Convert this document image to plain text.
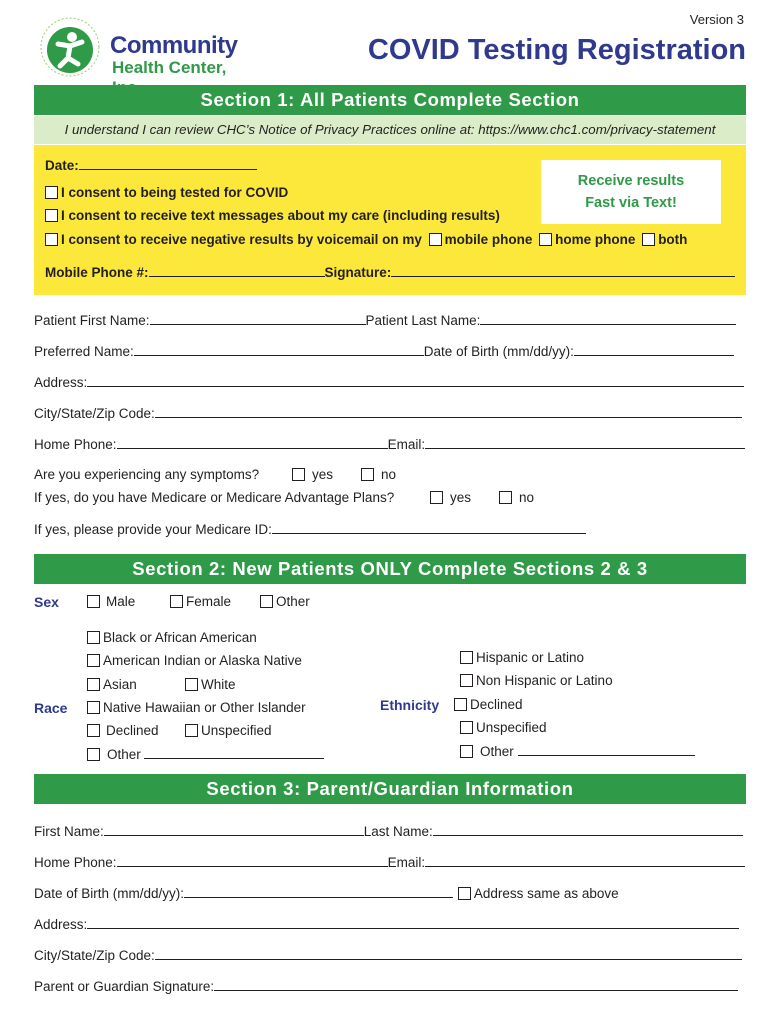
Community
Health Center,
Version 3
COVID Testing Registration
Section 1: All Patients Complete Section
I understand I can review CHC’s Notice of Privacy Practices online at: https://www.chc1.com/privacy-statement
Date:
Receive results
Fast via Text!
I consent to being tested for COVID
I consent to receive text messages about my care (including results)
I consent to receive negative results by voicemail on my mobile phone home phone both
Mobile Phone #:	Signature:
Patient First Name:	Patient Last Name:
Preferred Name:	Date of Birth (mm/dd/yy):
Address:
City/State/Zip Code:
Home Phone:	Email:
Are you experiencing any symptoms?	yes	no
If yes, do you have Medicare or Medicare Advantage Plans?	yes	no
If yes, please provide your Medicare ID:
Section 2: New Patients ONLY Complete Sections 2 & 3
Sex	Male	Female	Other
Black or African American
American Indian or Alaska Native
Asian	White
Race	Native Hawaiian or Other Islander
Declined	Unspecified
Other
Hispanic or Latino
Non Hispanic or Latino
Ethnicity	Declined
Unspecified
Other
Section 3: Parent/Guardian Information
First Name:	Last Name:
Home Phone:	Email:
Date of Birth (mm/dd/yy):	Address same as above
Address:
City/State/Zip Code:
Parent or Guardian Signature:
